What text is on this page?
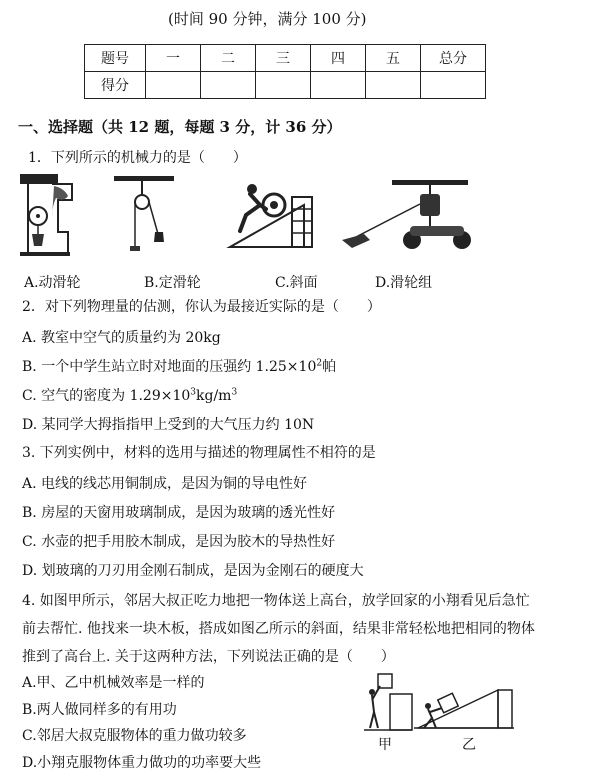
(时间 90 分钟，满分 100 分)
题号	一	二	三	四	五	总分
得分						
一、选择题（共 12 题，每题 3 分，计 36 分）
1．下列所示的机械力的是（　　）
A.动滑轮	B.定滑轮	C.斜面	D.滑轮组
2．对下列物理量的估测，你认为最接近实际的是（　　）
A. 教室中空气的质量约为 20kg
B. 一个中学生站立时对地面的压强约 $1.25\times 10^2$帕
C. 空气的密度为 $1.29\times 10^3kg/m^3$
D. 某同学大拇指指甲上受到的大气压力约 10N
3. 下列实例中，材料的选用与描述的物理属性不相符的是
A. 电线的线芯用铜制成，是因为铜的导电性好
B. 房屋的天窗用玻璃制成，是因为玻璃的透光性好
C. 水壶的把手用胶木制成，是因为胶木的导热性好
D. 划玻璃的刀刃用金刚石制成，是因为金刚石的硬度大
4. 如图甲所示，邻居大叔正吃力地把一物体送上高台，放学回家的小翔看见后急忙
前去帮忙. 他找来一块木板，搭成如图乙所示的斜面，结果非常轻松地把相同的物体
推到了高台上. 关于这两种方法，下列说法正确的是（　　）
A.甲、乙中机械效率是一样的
B.两人做同样多的有用功
C.邻居大叔克服物体的重力做功较多
D.小翔克服物体重力做功的功率要大些
甲	乙
